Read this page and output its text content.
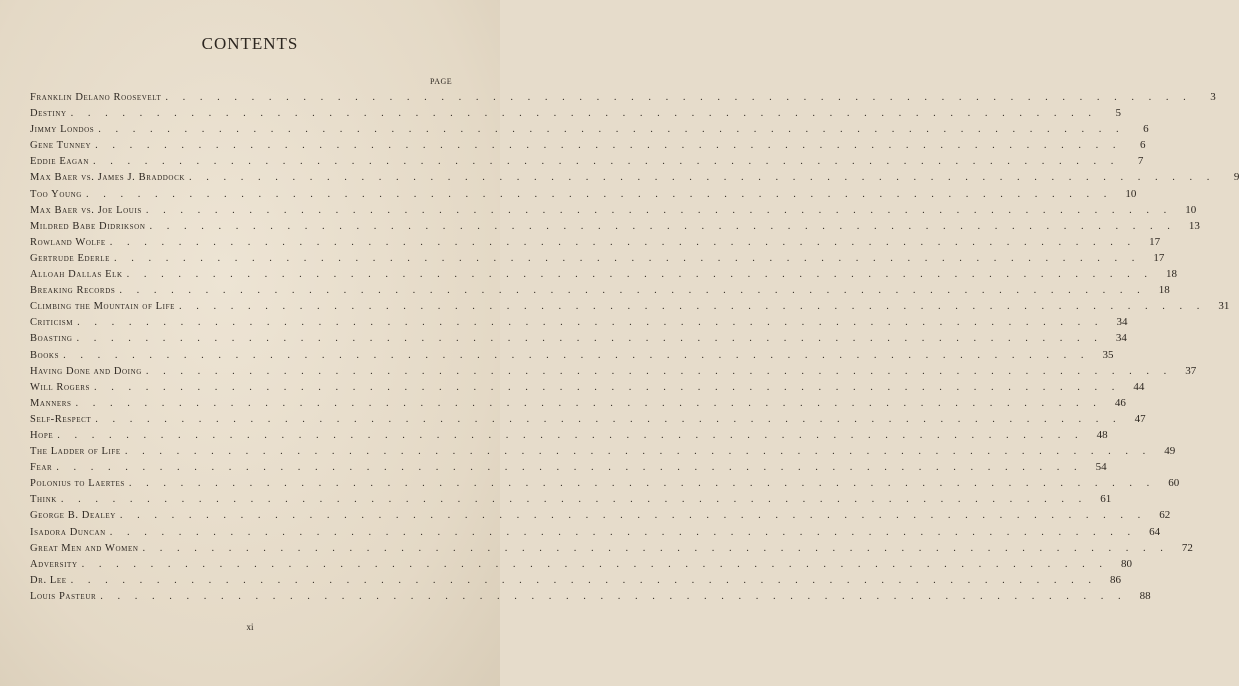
CONTENTS
PAGE
Franklin Delano Roosevelt . . . . . . . . . . . . . . . . . . . . . . . . . . . . . . . . . . . . . . . . . . . . . . . . . . . . . . . . . . . .	3
Destiny . . . . . . . . . . . . . . . . . . . . . . . . . . . . . . . . . . . . . . . . . . . . . . . . . . . . . . . . . . . .	5
Jimmy Londos . . . . . . . . . . . . . . . . . . . . . . . . . . . . . . . . . . . . . . . . . . . . . . . . . . . . . . . . . . . .	6
Gene Tunney . . . . . . . . . . . . . . . . . . . . . . . . . . . . . . . . . . . . . . . . . . . . . . . . . . . . . . . . . . . .	6
Eddie Eagan . . . . . . . . . . . . . . . . . . . . . . . . . . . . . . . . . . . . . . . . . . . . . . . . . . . . . . . . . . . .	7
Max Baer vs. James J. Braddock . . . . . . . . . . . . . . . . . . . . . . . . . . . . . . . . . . . . . . . . . . . . . . . . . . . . . . . . . . . .	9
Too Young . . . . . . . . . . . . . . . . . . . . . . . . . . . . . . . . . . . . . . . . . . . . . . . . . . . . . . . . . . . .	10
Max Baer vs. Joe Louis . . . . . . . . . . . . . . . . . . . . . . . . . . . . . . . . . . . . . . . . . . . . . . . . . . . . . . . . . . . .	10
Mildred Babe Didrikson . . . . . . . . . . . . . . . . . . . . . . . . . . . . . . . . . . . . . . . . . . . . . . . . . . . . . . . . . . . .	13
Rowland Wolfe . . . . . . . . . . . . . . . . . . . . . . . . . . . . . . . . . . . . . . . . . . . . . . . . . . . . . . . . . . . .	17
Gertrude Ederle . . . . . . . . . . . . . . . . . . . . . . . . . . . . . . . . . . . . . . . . . . . . . . . . . . . . . . . . . . . .	17
Alloah Dallas Elk . . . . . . . . . . . . . . . . . . . . . . . . . . . . . . . . . . . . . . . . . . . . . . . . . . . . . . . . . . . .	18
Breaking Records . . . . . . . . . . . . . . . . . . . . . . . . . . . . . . . . . . . . . . . . . . . . . . . . . . . . . . . . . . . .	18
Climbing the Mountain of Life . . . . . . . . . . . . . . . . . . . . . . . . . . . . . . . . . . . . . . . . . . . . . . . . . . . . . . . . . . . .	31
Criticism . . . . . . . . . . . . . . . . . . . . . . . . . . . . . . . . . . . . . . . . . . . . . . . . . . . . . . . . . . . .	34
Boasting . . . . . . . . . . . . . . . . . . . . . . . . . . . . . . . . . . . . . . . . . . . . . . . . . . . . . . . . . . . .	34
Books . . . . . . . . . . . . . . . . . . . . . . . . . . . . . . . . . . . . . . . . . . . . . . . . . . . . . . . . . . . .	35
Having Done and Doing . . . . . . . . . . . . . . . . . . . . . . . . . . . . . . . . . . . . . . . . . . . . . . . . . . . . . . . . . . . .	37
Will Rogers . . . . . . . . . . . . . . . . . . . . . . . . . . . . . . . . . . . . . . . . . . . . . . . . . . . . . . . . . . . .	44
Manners . . . . . . . . . . . . . . . . . . . . . . . . . . . . . . . . . . . . . . . . . . . . . . . . . . . . . . . . . . . .	46
Self-Respect . . . . . . . . . . . . . . . . . . . . . . . . . . . . . . . . . . . . . . . . . . . . . . . . . . . . . . . . . . . .	47
Hope . . . . . . . . . . . . . . . . . . . . . . . . . . . . . . . . . . . . . . . . . . . . . . . . . . . . . . . . . . . .	48
The Ladder of Life . . . . . . . . . . . . . . . . . . . . . . . . . . . . . . . . . . . . . . . . . . . . . . . . . . . . . . . . . . . .	49
Fear . . . . . . . . . . . . . . . . . . . . . . . . . . . . . . . . . . . . . . . . . . . . . . . . . . . . . . . . . . . .	54
Polonius to Laertes . . . . . . . . . . . . . . . . . . . . . . . . . . . . . . . . . . . . . . . . . . . . . . . . . . . . . . . . . . . .	60
Think . . . . . . . . . . . . . . . . . . . . . . . . . . . . . . . . . . . . . . . . . . . . . . . . . . . . . . . . . . . .	61
George B. Dealey . . . . . . . . . . . . . . . . . . . . . . . . . . . . . . . . . . . . . . . . . . . . . . . . . . . . . . . . . . . .	62
Isadora Duncan . . . . . . . . . . . . . . . . . . . . . . . . . . . . . . . . . . . . . . . . . . . . . . . . . . . . . . . . . . . .	64
Great Men and Women . . . . . . . . . . . . . . . . . . . . . . . . . . . . . . . . . . . . . . . . . . . . . . . . . . . . . . . . . . . .	72
Adversity . . . . . . . . . . . . . . . . . . . . . . . . . . . . . . . . . . . . . . . . . . . . . . . . . . . . . . . . . . . .	80
Dr. Lee . . . . . . . . . . . . . . . . . . . . . . . . . . . . . . . . . . . . . . . . . . . . . . . . . . . . . . . . . . . .	86
Louis Pasteur . . . . . . . . . . . . . . . . . . . . . . . . . . . . . . . . . . . . . . . . . . . . . . . . . . . . . . . . . . . .	88
xi
